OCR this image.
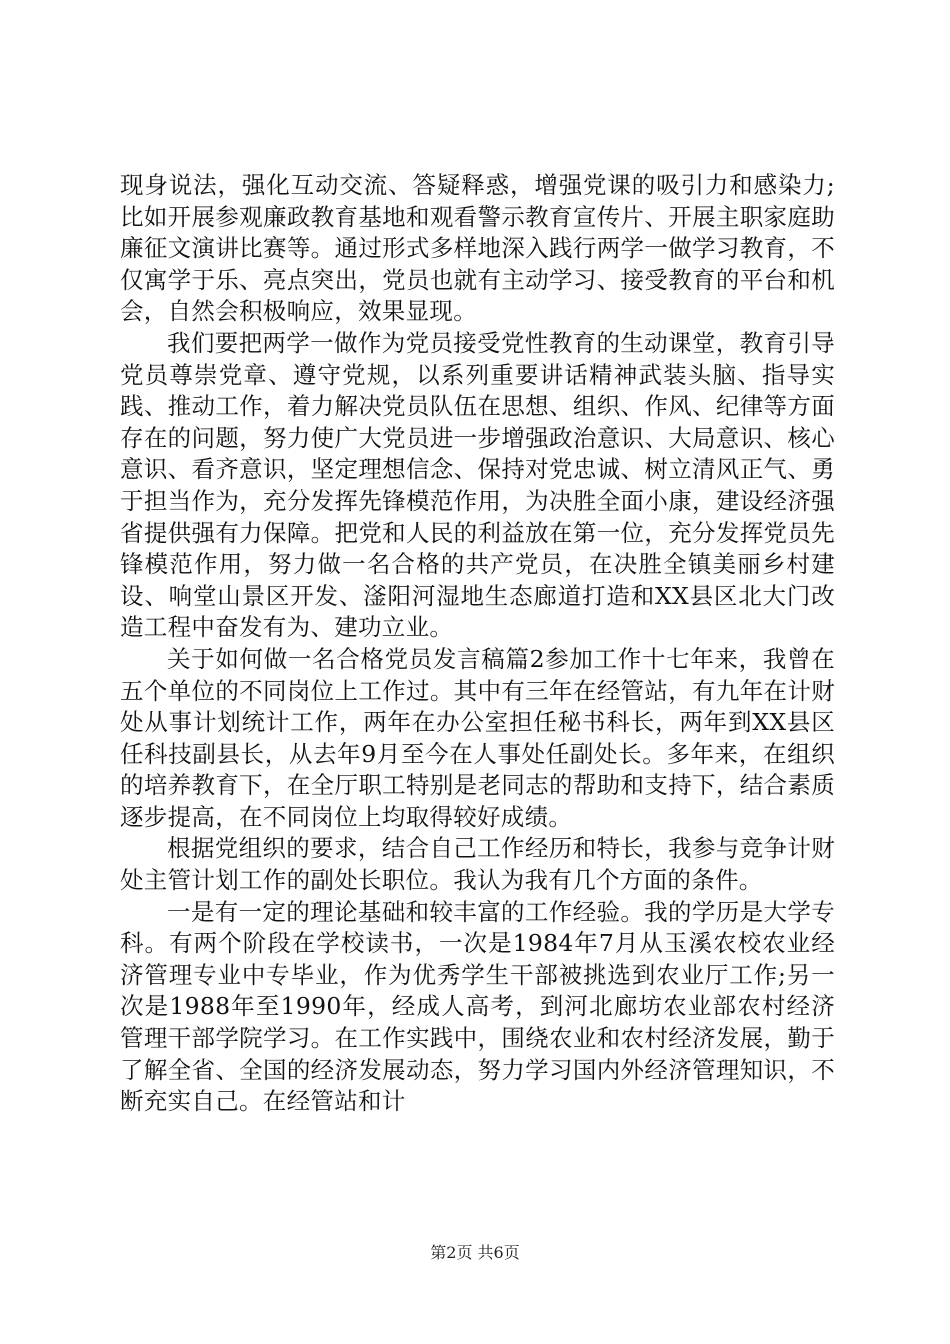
现身说法，强化互动交流、答疑释惑，增强党课的吸引力和感染力;比如开展参观廉政教育基地和观看警示教育宣传片、开展主职家庭助廉征文演讲比赛等。通过形式多样地深入践行两学一做学习教育，不仅寓学于乐、亮点突出，党员也就有主动学习、接受教育的平台和机会，自然会积极响应，效果显现。

我们要把两学一做作为党员接受党性教育的生动课堂，教育引导党员尊崇党章、遵守党规，以系列重要讲话精神武装头脑、指导实践、推动工作，着力解决党员队伍在思想、组织、作风、纪律等方面存在的问题，努力使广大党员进一步增强政治意识、大局意识、核心意识、看齐意识，坚定理想信念、保持对党忠诚、树立清风正气、勇于担当作为，充分发挥先锋模范作用，为决胜全面小康，建设经济强省提供强有力保障。把党和人民的利益放在第一位，充分发挥党员先锋模范作用，努力做一名合格的共产党员，在决胜全镇美丽乡村建设、响堂山景区开发、滏阳河湿地生态廊道打造和XX县区北大门改造工程中奋发有为、建功立业。

关于如何做一名合格党员发言稿篇2参加工作十七年来，我曾在五个单位的不同岗位上工作过。其中有三年在经管站，有九年在计财处从事计划统计工作，两年在办公室担任秘书科长，两年到XX县区任科技副县长，从去年9月至今在人事处任副处长。多年来，在组织的培养教育下，在全厅职工特别是老同志的帮助和支持下，结合素质逐步提高，在不同岗位上均取得较好成绩。

根据党组织的要求，结合自己工作经历和特长，我参与竞争计财处主管计划工作的副处长职位。我认为我有几个方面的条件。

一是有一定的理论基础和较丰富的工作经验。我的学历是大学专科。有两个阶段在学校读书，一次是1984年7月从玉溪农校农业经济管理专业中专毕业，作为优秀学生干部被挑选到农业厅工作;另一次是1988年至1990年，经成人高考，到河北廊坊农业部农村经济管理干部学院学习。在工作实践中，围绕农业和农村经济发展，勤于了解全省、全国的经济发展动态，努力学习国内外经济管理知识，不断充实自己。在经管站和计

第2页 共6页
